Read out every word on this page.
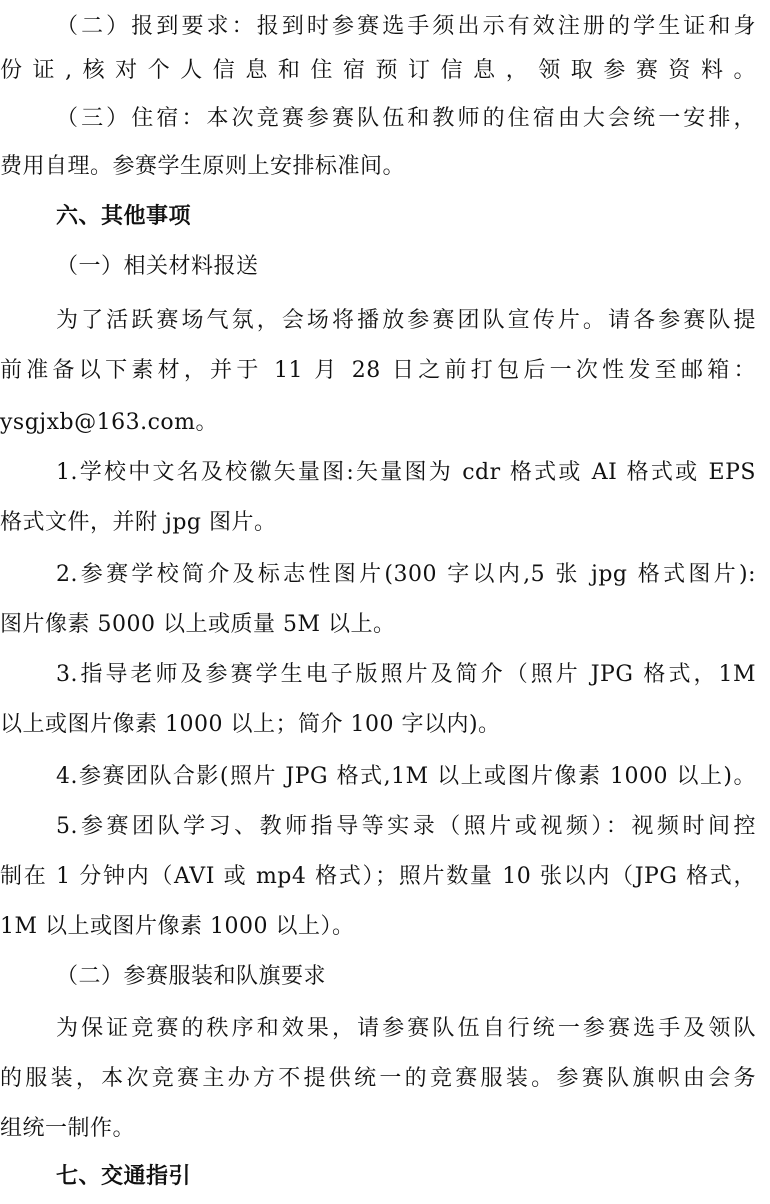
（二）报到要求：报到时参赛选手须出示有效注册的学生证和身
份证,核对个人信息和住宿预订信息，领取参赛资料。
（三）住宿：本次竞赛参赛队伍和教师的住宿由大会统一安排，
费用自理。参赛学生原则上安排标准间。
六、其他事项
（一）相关材料报送
为了活跃赛场气氛，会场将播放参赛团队宣传片。请各参赛队提
前准备以下素材，并于 11 月 28 日之前打包后一次性发至邮箱：
ysgjxb@163.com。
1.学校中文名及校徽矢量图:矢量图为 cdr 格式或 AI 格式或 EPS
格式文件，并附 jpg 图片。
2.参赛学校简介及标志性图片(300 字以内,5 张 jpg 格式图片):
图片像素 5000 以上或质量 5M 以上。
3.指导老师及参赛学生电子版照片及简介（照片 JPG 格式，1M
以上或图片像素 1000 以上；简介 100 字以内)。
4.参赛团队合影(照片 JPG 格式,1M 以上或图片像素 1000 以上)。
5.参赛团队学习、教师指导等实录（照片或视频）：视频时间控
制在 1 分钟内（AVI 或 mp4 格式）；照片数量 10 张以内（JPG 格式，
1M 以上或图片像素 1000 以上）。
（二）参赛服装和队旗要求
为保证竞赛的秩序和效果，请参赛队伍自行统一参赛选手及领队
的服装，本次竞赛主办方不提供统一的竞赛服装。参赛队旗帜由会务
组统一制作。
七、交通指引
